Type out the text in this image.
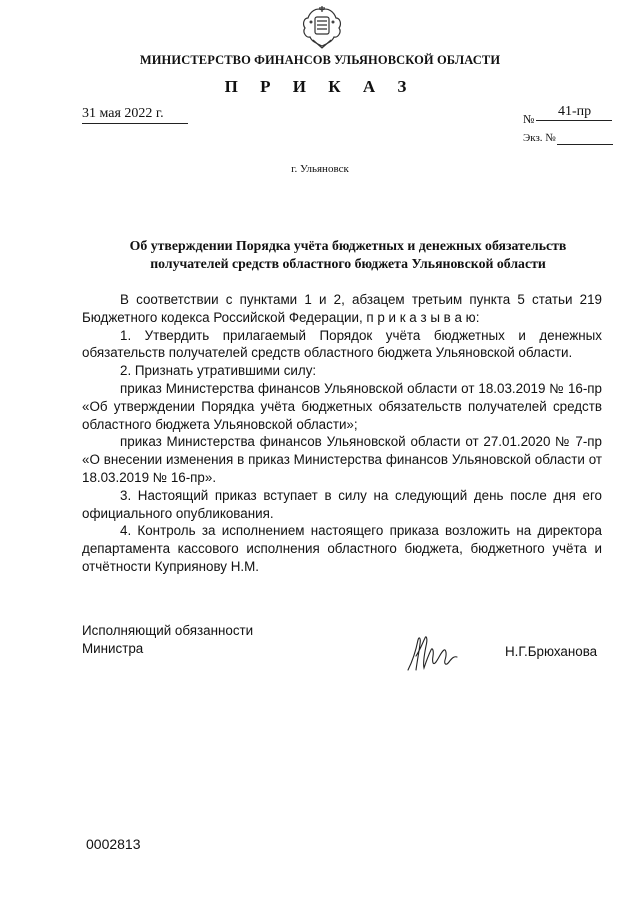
МИНИСТЕРСТВО ФИНАНСОВ УЛЬЯНОВСКОЙ ОБЛАСТИ
П Р И К А З
31 мая 2022 г.	№	41-пр
Экз. №
г. Ульяновск
Об утверждении Порядка учёта бюджетных и денежных обязательств получателей средств областного бюджета Ульяновской области

В соответствии с пунктами 1 и 2, абзацем третьим пункта 5 статьи 219 Бюджетного кодекса Российской Федерации, п р и к а з ы в а ю:

1. Утвердить прилагаемый Порядок учёта бюджетных и денежных обязательств получателей средств областного бюджета Ульяновской области.

2. Признать утратившими силу:

приказ Министерства финансов Ульяновской области от 18.03.2019 № 16-пр «Об утверждении Порядка учёта бюджетных обязательств получателей средств областного бюджета Ульяновской области»;

приказ Министерства финансов Ульяновской области от 27.01.2020 № 7-пр «О внесении изменения в приказ Министерства финансов Ульяновской области от 18.03.2019 № 16-пр».

3. Настоящий приказ вступает в силу на следующий день после дня его официального опубликования.

4. Контроль за исполнением настоящего приказа возложить на директора департамента кассового исполнения областного бюджета, бюджетного учёта и отчётности Куприянову Н.М.

Исполняющий обязанности
Министра	Н.Г.Брюханова
0002813
